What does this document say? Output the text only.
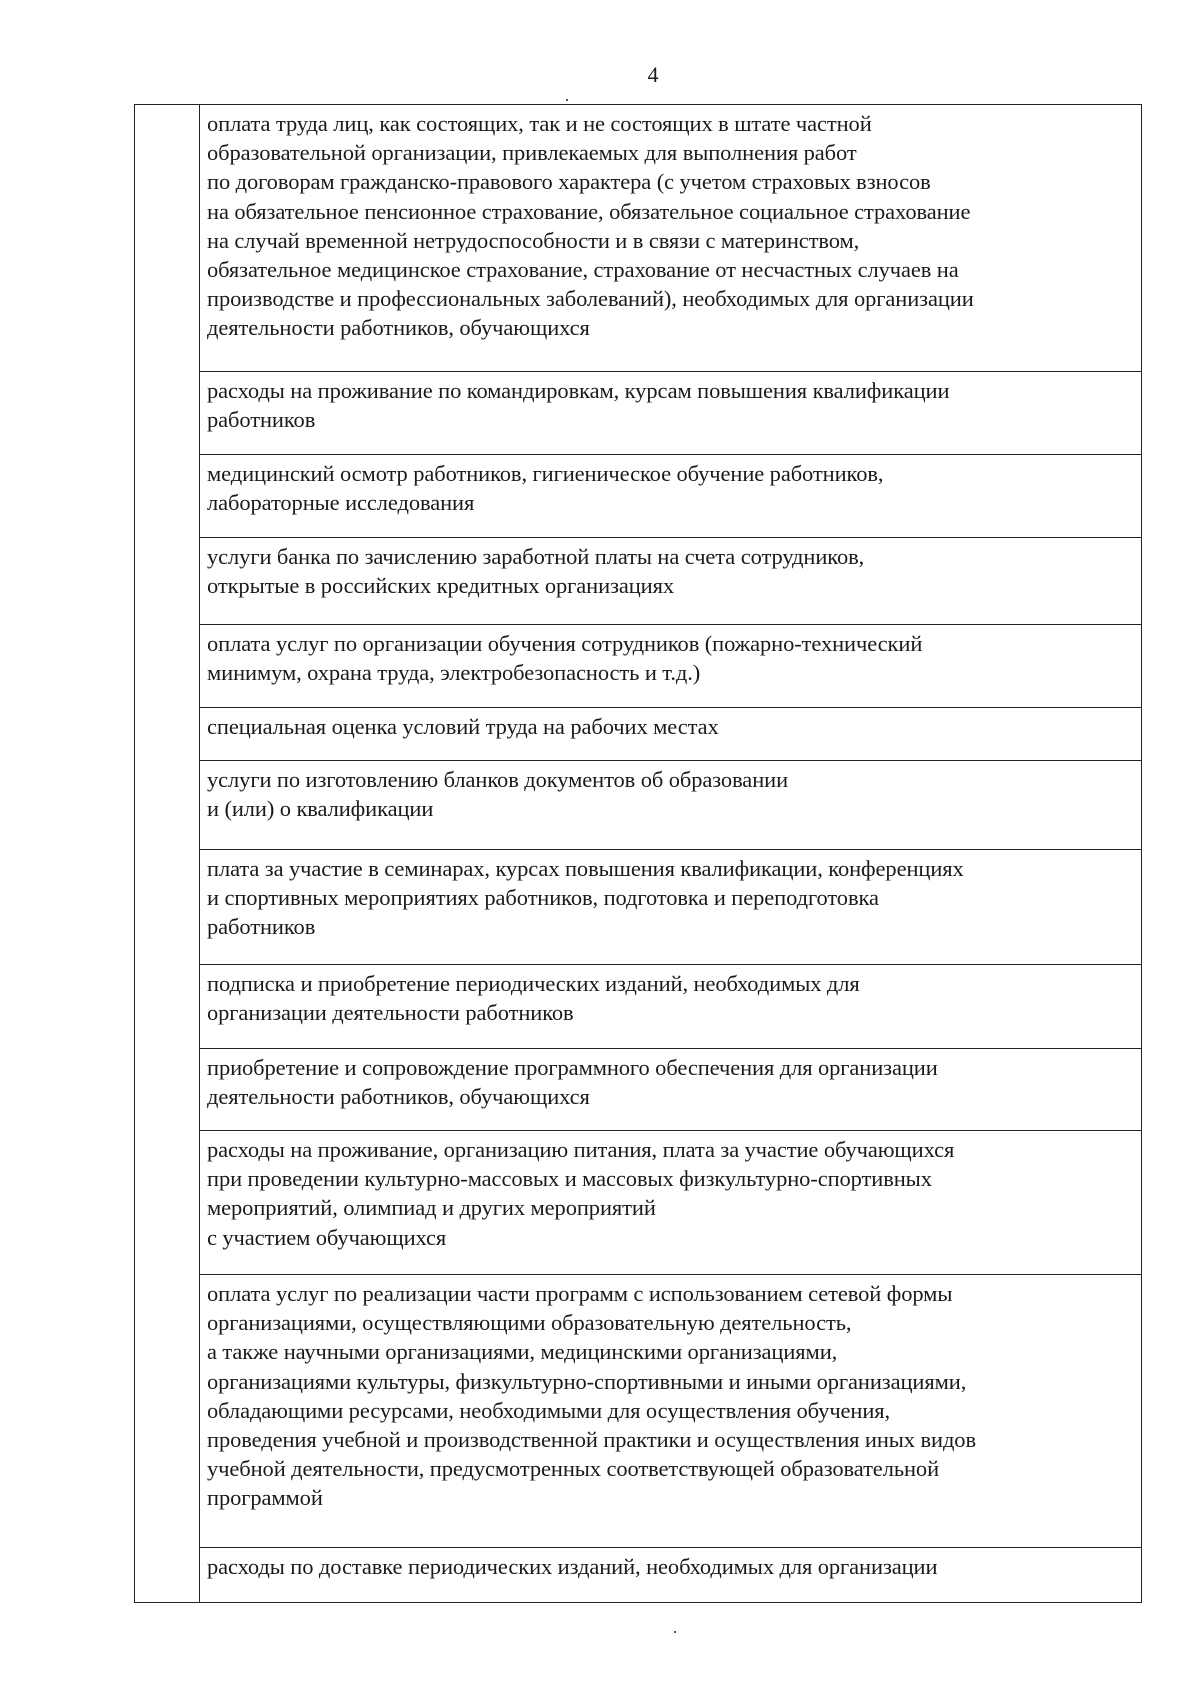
4
оплата труда лиц, как состоящих, так и не состоящих в штате частной
образовательной организации, привлекаемых для выполнения работ
по договорам гражданско-правового характера (с учетом страховых взносов
на обязательное пенсионное страхование, обязательное социальное страхование
на случай временной нетрудоспособности и в связи с материнством,
обязательное медицинское страхование, страхование от несчастных случаев на
производстве и профессиональных заболеваний), необходимых для организации
деятельности работников, обучающихся
расходы на проживание по командировкам, курсам повышения квалификации
работников
медицинский осмотр работников, гигиеническое обучение работников,
лабораторные исследования
услуги банка по зачислению заработной платы на счета сотрудников,
открытые в российских кредитных организациях
оплата услуг по организации обучения сотрудников (пожарно-технический
минимум, охрана труда, электробезопасность и т.д.)
специальная оценка условий труда на рабочих местах
услуги по изготовлению бланков документов об образовании
и (или) о квалификации
плата за участие в семинарах, курсах повышения квалификации, конференциях
и спортивных мероприятиях работников, подготовка и переподготовка
работников
подписка и приобретение периодических изданий, необходимых для
организации деятельности работников
приобретение и сопровождение программного обеспечения для организации
деятельности работников, обучающихся
расходы на проживание, организацию питания, плата за участие обучающихся
при проведении культурно-массовых и массовых физкультурно-спортивных
мероприятий, олимпиад и других мероприятий
с участием обучающихся
оплата услуг по реализации части программ с использованием сетевой формы
организациями, осуществляющими образовательную деятельность,
а также научными организациями, медицинскими организациями,
организациями культуры, физкультурно-спортивными и иными организациями,
обладающими ресурсами, необходимыми для осуществления обучения,
проведения учебной и производственной практики и осуществления иных видов
учебной деятельности, предусмотренных соответствующей образовательной
программой
расходы по доставке периодических изданий, необходимых для организации
